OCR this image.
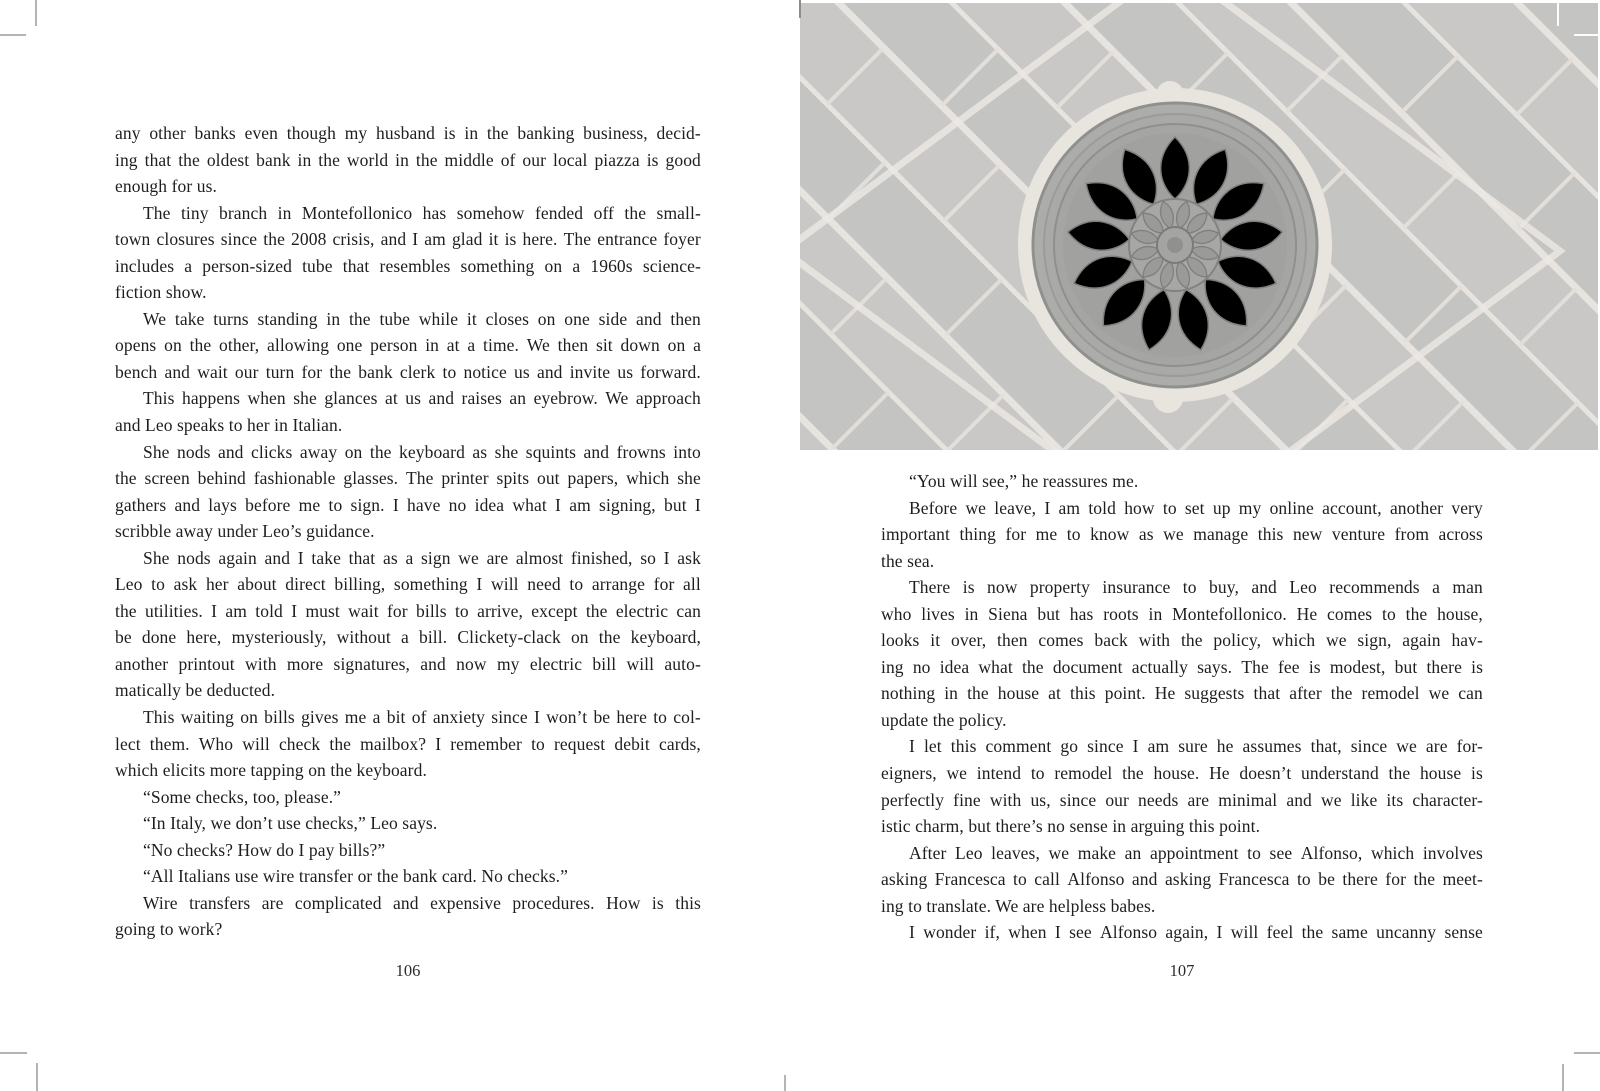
any other banks even though my husband is in the banking business, decid-
ing that the oldest bank in the world in the middle of our local piazza is good
enough for us.
The tiny branch in Montefollonico has somehow fended off the small-
town closures since the 2008 crisis, and I am glad it is here. The entrance foyer
includes a person-sized tube that resembles something on a 1960s science-
fiction show.
We take turns standing in the tube while it closes on one side and then
opens on the other, allowing one person in at a time. We then sit down on a
bench and wait our turn for the bank clerk to notice us and invite us forward.
This happens when she glances at us and raises an eyebrow. We approach
and Leo speaks to her in Italian.
She nods and clicks away on the keyboard as she squints and frowns into
the screen behind fashionable glasses. The printer spits out papers, which she
gathers and lays before me to sign. I have no idea what I am signing, but I
scribble away under Leo’s guidance.
She nods again and I take that as a sign we are almost finished, so I ask
Leo to ask her about direct billing, something I will need to arrange for all
the utilities. I am told I must wait for bills to arrive, except the electric can
be done here, mysteriously, without a bill. Clickety-clack on the keyboard,
another printout with more signatures, and now my electric bill will auto-
matically be deducted.
This waiting on bills gives me a bit of anxiety since I won’t be here to col-
lect them. Who will check the mailbox? I remember to request debit cards,
which elicits more tapping on the keyboard.
“Some checks, too, please.”
“In Italy, we don’t use checks,” Leo says.
“No checks? How do I pay bills?”
“All Italians use wire transfer or the bank card. No checks.”
Wire transfers are complicated and expensive procedures. How is this
going to work?
“You will see,” he reassures me.
Before we leave, I am told how to set up my online account, another very
important thing for me to know as we manage this new venture from across
the sea.
There is now property insurance to buy, and Leo recommends a man
who lives in Siena but has roots in Montefollonico. He comes to the house,
looks it over, then comes back with the policy, which we sign, again hav-
ing no idea what the document actually says. The fee is modest, but there is
nothing in the house at this point. He suggests that after the remodel we can
update the policy.
I let this comment go since I am sure he assumes that, since we are for-
eigners, we intend to remodel the house. He doesn’t understand the house is
perfectly fine with us, since our needs are minimal and we like its character-
istic charm, but there’s no sense in arguing this point.
After Leo leaves, we make an appointment to see Alfonso, which involves
asking Francesca to call Alfonso and asking Francesca to be there for the meet-
ing to translate. We are helpless babes.
I wonder if, when I see Alfonso again, I will feel the same uncanny sense
106	107
